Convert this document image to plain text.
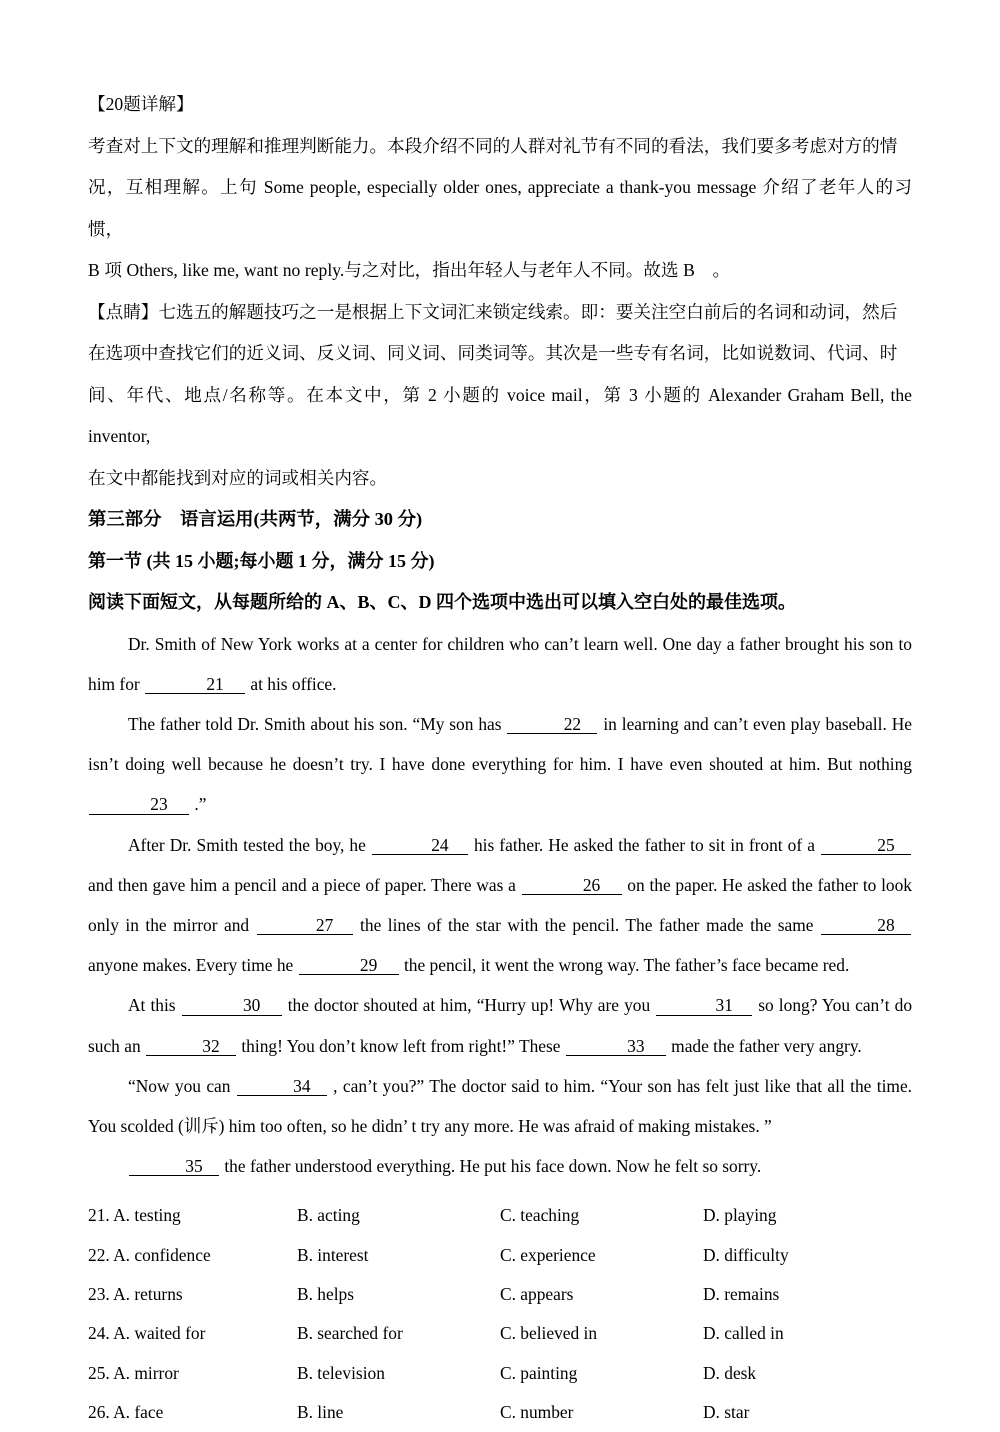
【20题详解】
考查对上下文的理解和推理判断能力。本段介绍不同的人群对礼节有不同的看法，我们要多考虑对方的情
况，互相理解。上句 Some people, especially older ones, appreciate a thank-you message 介绍了老年人的习惯，
B 项 Others, like me, want no reply.与之对比，指出年轻人与老年人不同。故选 B　。
【点睛】七选五的解题技巧之一是根据上下文词汇来锁定线索。即：要关注空白前后的名词和动词，然后
在选项中查找它们的近义词、反义词、同义词、同类词等。其次是一些专有名词，比如说数词、代词、时
间、年代、地点/名称等。在本文中，第 2 小题的 voice mail，第 3 小题的 Alexander Graham Bell, the inventor,
在文中都能找到对应的词或相关内容。
第三部分　语言运用(共两节，满分 30 分)
第一节 (共 15 小题;每小题 1 分，满分 15 分)
阅读下面短文，从每题所给的 A、B、C、D 四个选项中选出可以填入空白处的最佳选项。
Dr. Smith of New York works at a center for children who can’t learn well. One day a father brought his son to him for	21 at his office.
The father told Dr. Smith about his son. “My son has	22 in learning and can’t even play baseball. He isn’t doing well because he doesn’t try. I have done everything for him. I have even shouted at him. But nothing 23 .”
After Dr. Smith tested the boy, he	24 his father. He asked the father to sit in front of a	25 and then gave him a pencil and a piece of paper. There was a	26 on the paper. He asked the father to look only in the mirror and	27 the lines of the star with the pencil. The father made the same	28 anyone makes. Every time he	29 the pencil, it went the wrong way. The father’s face became red.
At this	30 the doctor shouted at him, “Hurry up! Why are you	31 so long? You can’t do such an	32 thing! You don’t know left from right!” These	33 made the father very angry.
“Now you can	34 , can’t you?” The doctor said to him. “Your son has felt just like that all the time. You scolded (训斥) him too often, so he didn’ t try any more. He was afraid of making mistakes. ”
35 the father understood everything. He put his face down. Now he felt so sorry.
21. A. testing	B. acting	C. teaching	D. playing
22. A. confidence	B. interest	C. experience	D. difficulty
23. A. returns	B. helps	C. appears	D. remains
24. A. waited for	B. searched for	C. believed in	D. called in
25. A. mirror	B. television	C. painting	D. desk
26. A. face	B. line	C. number	D. star
